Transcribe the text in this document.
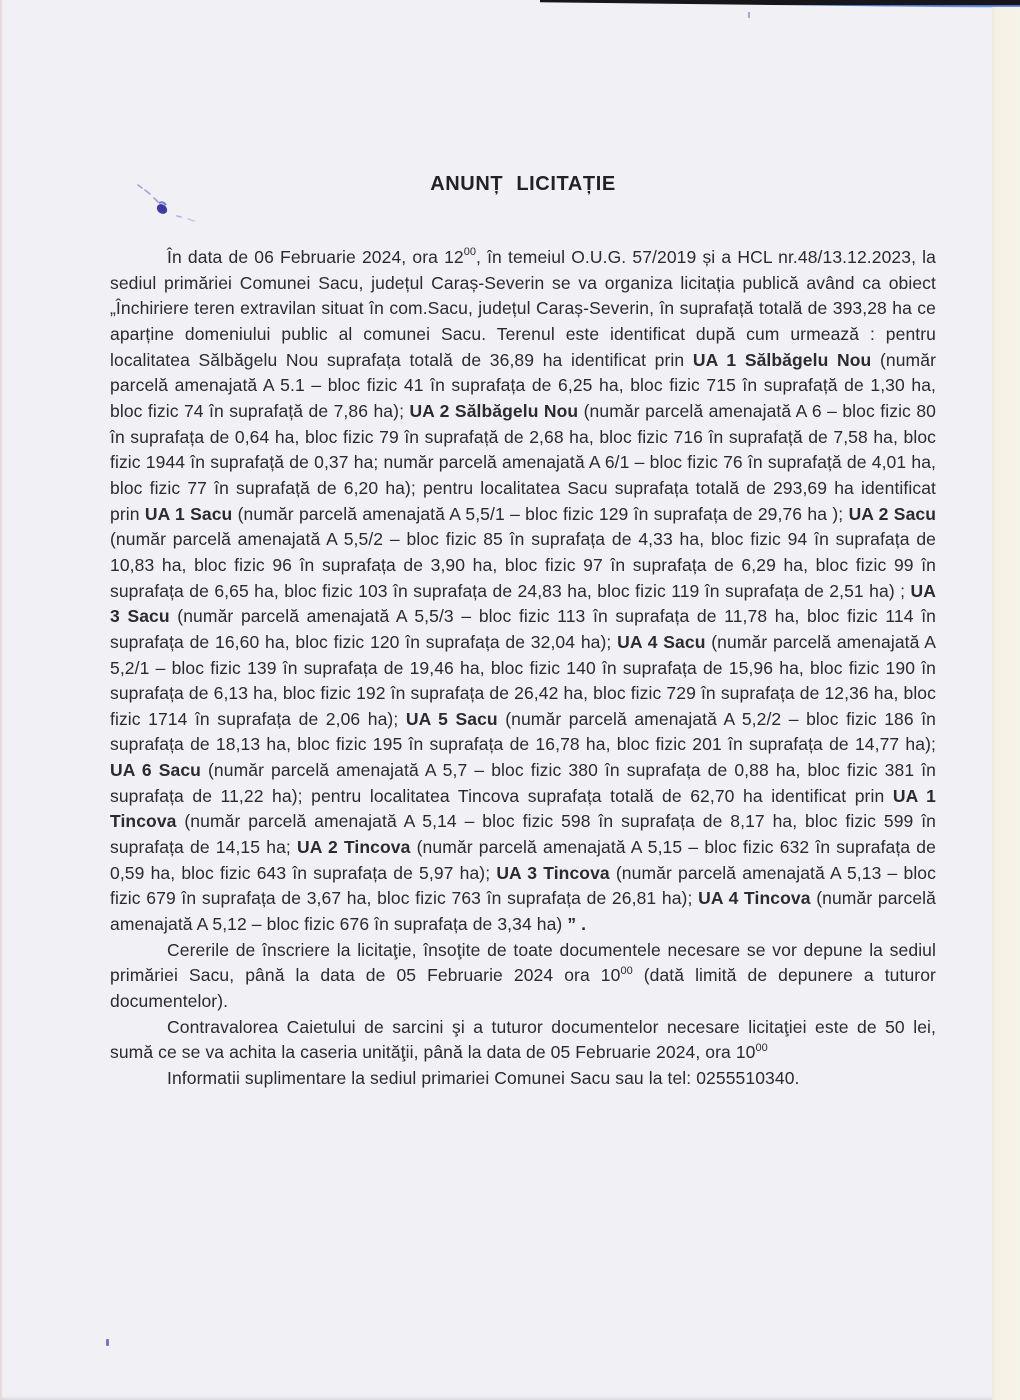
ANUNȚ LICITAȚIE

În data de 06 Februarie 2024, ora $12^{00}$, în temeiul O.U.G. 57/2019 și a HCL nr.48/13.12.2023, la sediul primăriei Comunei Sacu, județul Caraș-Severin se va organiza licitația publică având ca obiect „Închiriere teren extravilan situat în com.Sacu, județul Caraș-Severin, în suprafață totală de 393,28 ha ce aparține domeniului public al comunei Sacu. Terenul este identificat după cum urmează : pentru localitatea Sălbăgelu Nou suprafața totală de 36,89 ha identificat prin UA 1 Sălbăgelu Nou (număr parcelă amenajată A 5.1 – bloc fizic 41 în suprafața de 6,25 ha, bloc fizic 715 în suprafață de 1,30 ha, bloc fizic 74 în suprafață de 7,86 ha); UA 2 Sălbăgelu Nou (număr parcelă amenajată A 6 – bloc fizic 80 în suprafața de 0,64 ha, bloc fizic 79 în suprafață de 2,68 ha, bloc fizic 716 în suprafață de 7,58 ha, bloc fizic 1944 în suprafață de 0,37 ha; număr parcelă amenajată A 6/1 – bloc fizic 76 în suprafață de 4,01 ha, bloc fizic 77 în suprafață de 6,20 ha); pentru localitatea Sacu suprafața totală de 293,69 ha identificat prin UA 1 Sacu (număr parcelă amenajată A 5,5/1 – bloc fizic 129 în suprafața de 29,76 ha ); UA 2 Sacu (număr parcelă amenajată A 5,5/2 – bloc fizic 85 în suprafața de 4,33 ha, bloc fizic 94 în suprafața de 10,83 ha, bloc fizic 96 în suprafața de 3,90 ha, bloc fizic 97 în suprafața de 6,29 ha, bloc fizic 99 în suprafața de 6,65 ha, bloc fizic 103 în suprafața de 24,83 ha, bloc fizic 119 în suprafața de 2,51 ha) ; UA 3 Sacu (număr parcelă amenajată A 5,5/3 – bloc fizic 113 în suprafața de 11,78 ha, bloc fizic 114 în suprafața de 16,60 ha, bloc fizic 120 în suprafața de 32,04 ha); UA 4 Sacu (număr parcelă amenajată A 5,2/1 – bloc fizic 139 în suprafața de 19,46 ha, bloc fizic 140 în suprafața de 15,96 ha, bloc fizic 190 în suprafața de 6,13 ha, bloc fizic 192 în suprafața de 26,42 ha, bloc fizic 729 în suprafața de 12,36 ha, bloc fizic 1714 în suprafața de 2,06 ha); UA 5 Sacu (număr parcelă amenajată A 5,2/2 – bloc fizic 186 în suprafața de 18,13 ha, bloc fizic 195 în suprafața de 16,78 ha, bloc fizic 201 în suprafața de 14,77 ha); UA 6 Sacu (număr parcelă amenajată A 5,7 – bloc fizic 380 în suprafața de 0,88 ha, bloc fizic 381 în suprafața de 11,22 ha); pentru localitatea Tincova suprafața totală de 62,70 ha identificat prin UA 1 Tincova (număr parcelă amenajată A 5,14 – bloc fizic 598 în suprafața de 8,17 ha, bloc fizic 599 în suprafața de 14,15 ha; UA 2 Tincova (număr parcelă amenajată A 5,15 – bloc fizic 632 în suprafața de 0,59 ha, bloc fizic 643 în suprafața de 5,97 ha); UA 3 Tincova (număr parcelă amenajată A 5,13 – bloc fizic 679 în suprafața de 3,67 ha, bloc fizic 763 în suprafața de 26,81 ha); UA 4 Tincova (număr parcelă amenajată A 5,12 – bloc fizic 676 în suprafața de 3,34 ha) ” .

Cererile de înscriere la licitaţie, însoţite de toate documentele necesare se vor depune la sediul primăriei Sacu, până la data de 05 Februarie 2024 ora $10^{00}$ (dată limită de depunere a tuturor documentelor).

Contravalorea Caietului de sarcini şi a tuturor documentelor necesare licitaţiei este de 50 lei, sumă ce se va achita la caseria unităţii, până la data de 05 Februarie 2024, ora $10^{00}$

Informatii suplimentare la sediul primariei Comunei Sacu sau la tel: 0255510340.
